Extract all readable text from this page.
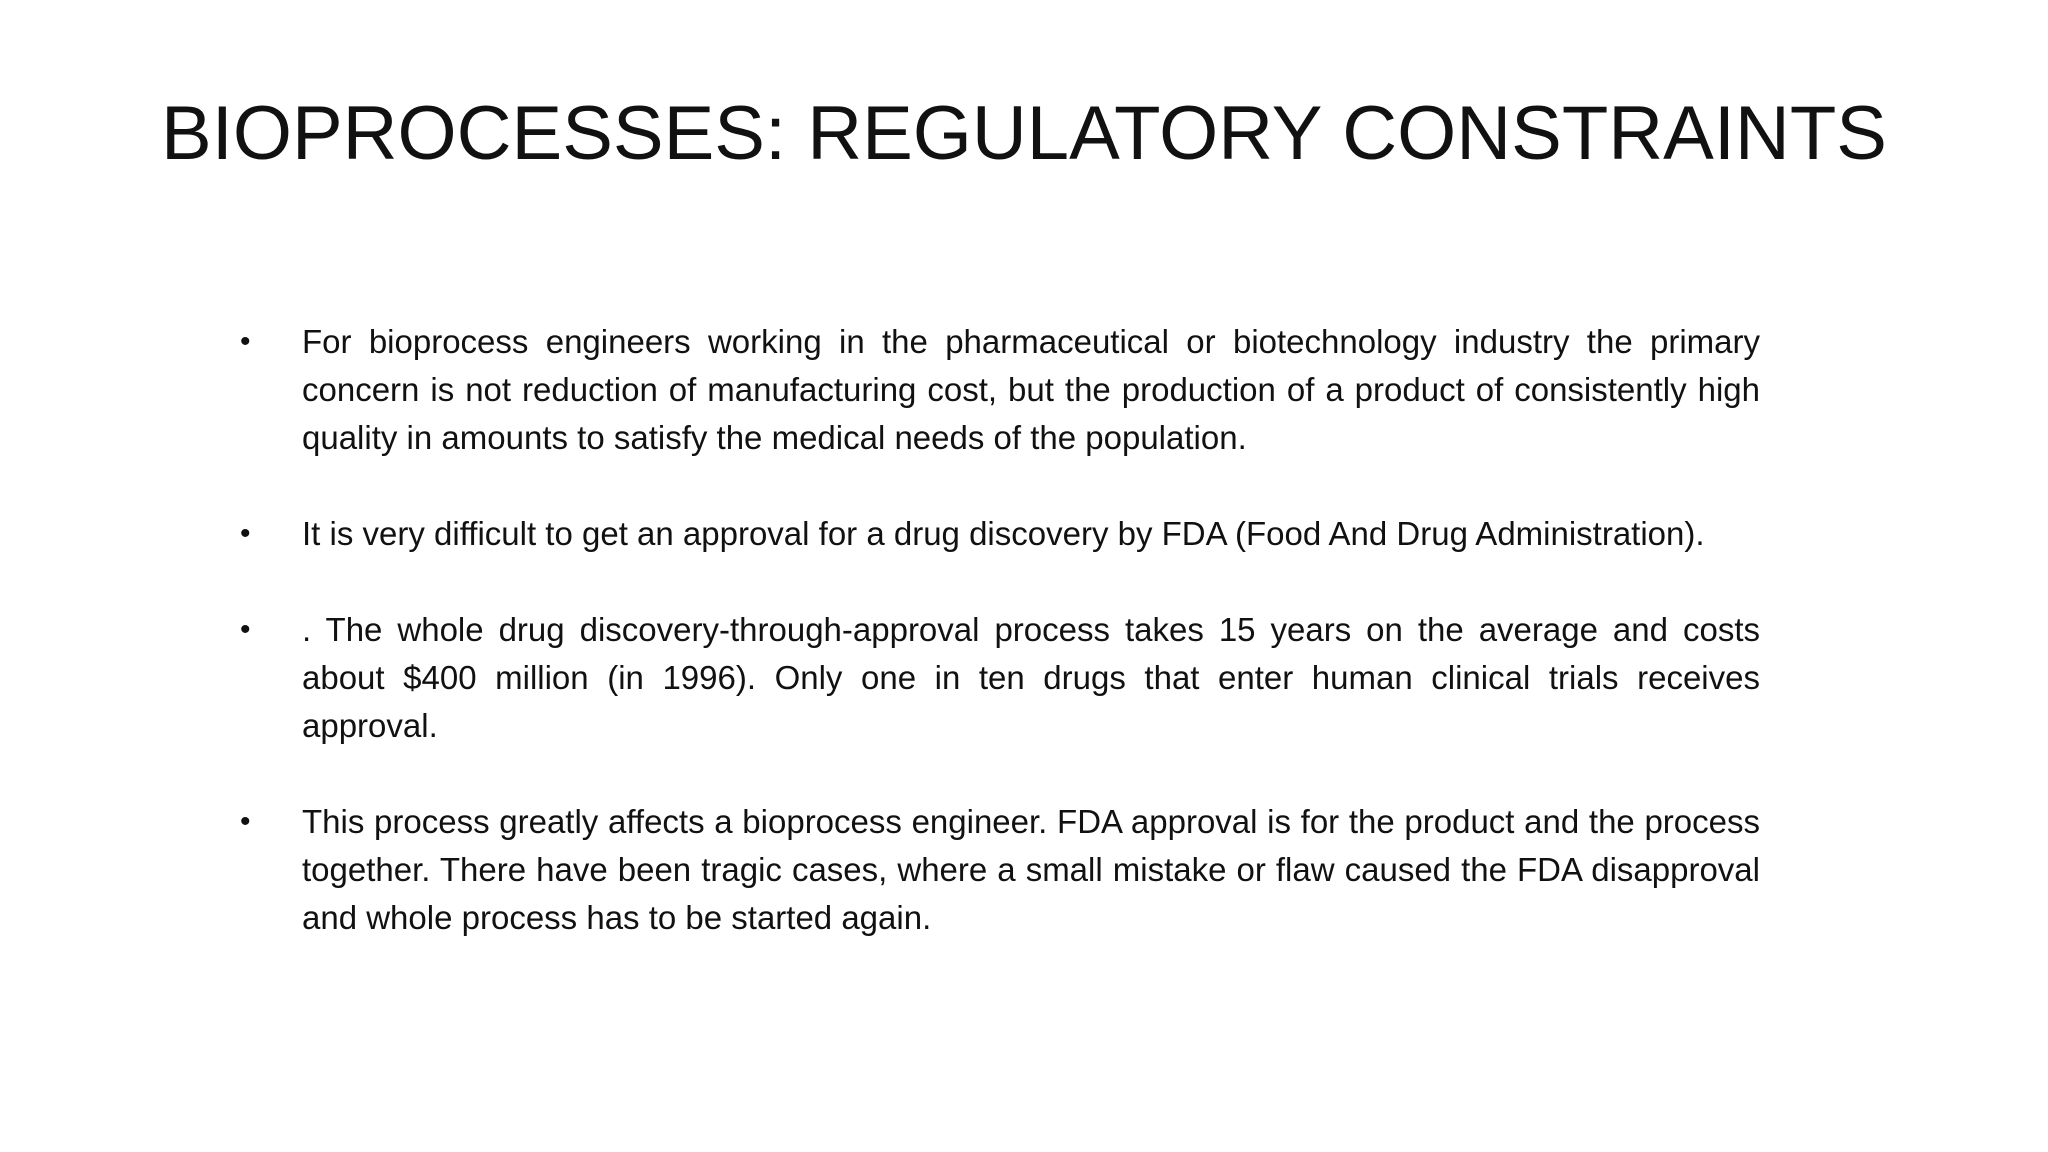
BIOPROCESSES: REGULATORY CONSTRAINTS
• For bioprocess engineers working in the pharmaceutical or biotechnology industry the primary concern is not reduction of manufacturing cost, but the production of a product of consistently high quality in amounts to satisfy the medical needs of the population.
• It is very difficult to get an approval for a drug discovery by FDA (Food And Drug Administration).
• . The whole drug discovery-through-approval process takes 15 years on the average and costs about $400 million (in 1996). Only one in ten drugs that enter human clinical trials receives approval.
• This process greatly affects a bioprocess engineer. FDA approval is for the product and the process together. There have been tragic cases, where a small mistake or flaw caused the FDA disapproval and whole process has to be started again.
